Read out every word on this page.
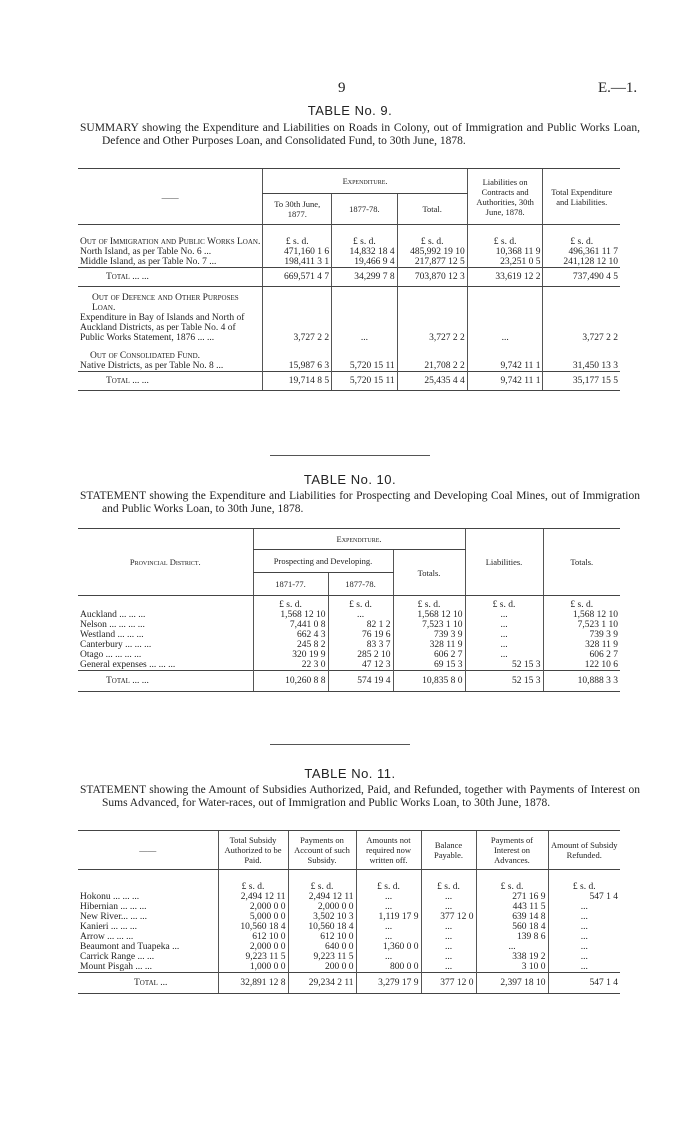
9	E.—1.
TABLE No. 9.
SUMMARY showing the Expenditure and Liabilities on Roads in Colony, out of Immigration and Public Works Loan, Defence and Other Purposes Loan, and Consolidated Fund, to 30th June, 1878.
——	Expenditure.			Liabilities on Contracts and Authorities, 30th June, 1878.	Total Expenditure and Liabilities.
	To 30th June, 1877.	1877-78.	Total.		
Out of Immigration and Public Works Loan.	£ s. d.	£ s. d.	£ s. d.	£ s. d.	£ s. d.
North Island, as per Table No. 6 ...	471,160 1 6	14,832 18 4	485,992 19 10	10,368 11 9	496,361 11 7
Middle Island, as per Table No. 7 ...	198,411 3 1	19,466 9 4	217,877 12 5	23,251 0 5	241,128 12 10
Total ... ...	669,571 4 7	34,299 7 8	703,870 12 3	33,619 12 2	737,490 4 5
Out of Defence and Other Purposes Loan.					
Expenditure in Bay of Islands and North of Auckland Districts, as per Table No. 4 of Public Works Statement, 1876 ... ...	3,727 2 2	...	3,727 2 2	...	3,727 2 2
Out of Consolidated Fund.					
Native Districts, as per Table No. 8 ...	15,987 6 3	5,720 15 11	21,708 2 2	9,742 11 1	31,450 13 3
Total ... ...	19,714 8 5	5,720 15 11	25,435 4 4	9,742 11 1	35,177 15 5
TABLE No. 10.
STATEMENT showing the Expenditure and Liabilities for Prospecting and Developing Coal Mines, out of Immigration and Public Works Loan, to 30th June, 1878.
Provincial District.	Expenditure.			Liabilities.	Totals.
	Prospecting and Developing.		Totals.		
	1871-77.	1877-78.			
	£ s. d.	£ s. d.	£ s. d.	£ s. d.	£ s. d.
Auckland ... ... ...	1,568 12 10	...	1,568 12 10	...	1,568 12 10
Nelson ... ... ... ...	7,441 0 8	82 1 2	7,523 1 10	...	7,523 1 10
Westland ... ... ...	662 4 3	76 19 6	739 3 9	...	739 3 9
Canterbury ... ... ...	245 8 2	83 3 7	328 11 9	...	328 11 9
Otago ... ... ... ...	320 19 9	285 2 10	606 2 7	...	606 2 7
General expenses ... ... ...	22 3 0	47 12 3	69 15 3	52 15 3	122 10 6
Total ... ...	10,260 8 8	574 19 4	10,835 8 0	52 15 3	10,888 3 3
TABLE No. 11.
STATEMENT showing the Amount of Subsidies Authorized, Paid, and Refunded, together with Payments of Interest on Sums Advanced, for Water-races, out of Immigration and Public Works Loan, to 30th June, 1878.
——	Total Subsidy Authorized to be Paid.	Payments on Account of such Subsidy.	Amounts not required now written off.	Balance Payable.	Payments of Interest on Advances.	Amount of Subsidy Refunded.
	£ s. d.	£ s. d.	£ s. d.	£ s. d.	£ s. d.	£ s. d.
Hokonu ... ... ...	2,494 12 11	2,494 12 11	...	...	271 16 9	547 1 4
Hibernian ... ... ...	2,000 0 0	2,000 0 0	...	...	443 11 5	...
New River... ... ...	5,000 0 0	3,502 10 3	1,119 17 9	377 12 0	639 14 8	...
Kanieri ... ... ...	10,560 18 4	10,560 18 4	...	...	560 18 4	...
Arrow ... ... ...	612 10 0	612 10 0	...	...	139 8 6	...
Beaumont and Tuapeka ...	2,000 0 0	640 0 0	1,360 0 0	...	...	...
Carrick Range ... ...	9,223 11 5	9,223 11 5	...	...	338 19 2	...
Mount Pisgah ... ...	1,000 0 0	200 0 0	800 0 0	...	3 10 0	...
Total ...	32,891 12 8	29,234 2 11	3,279 17 9	377 12 0	2,397 18 10	547 1 4
